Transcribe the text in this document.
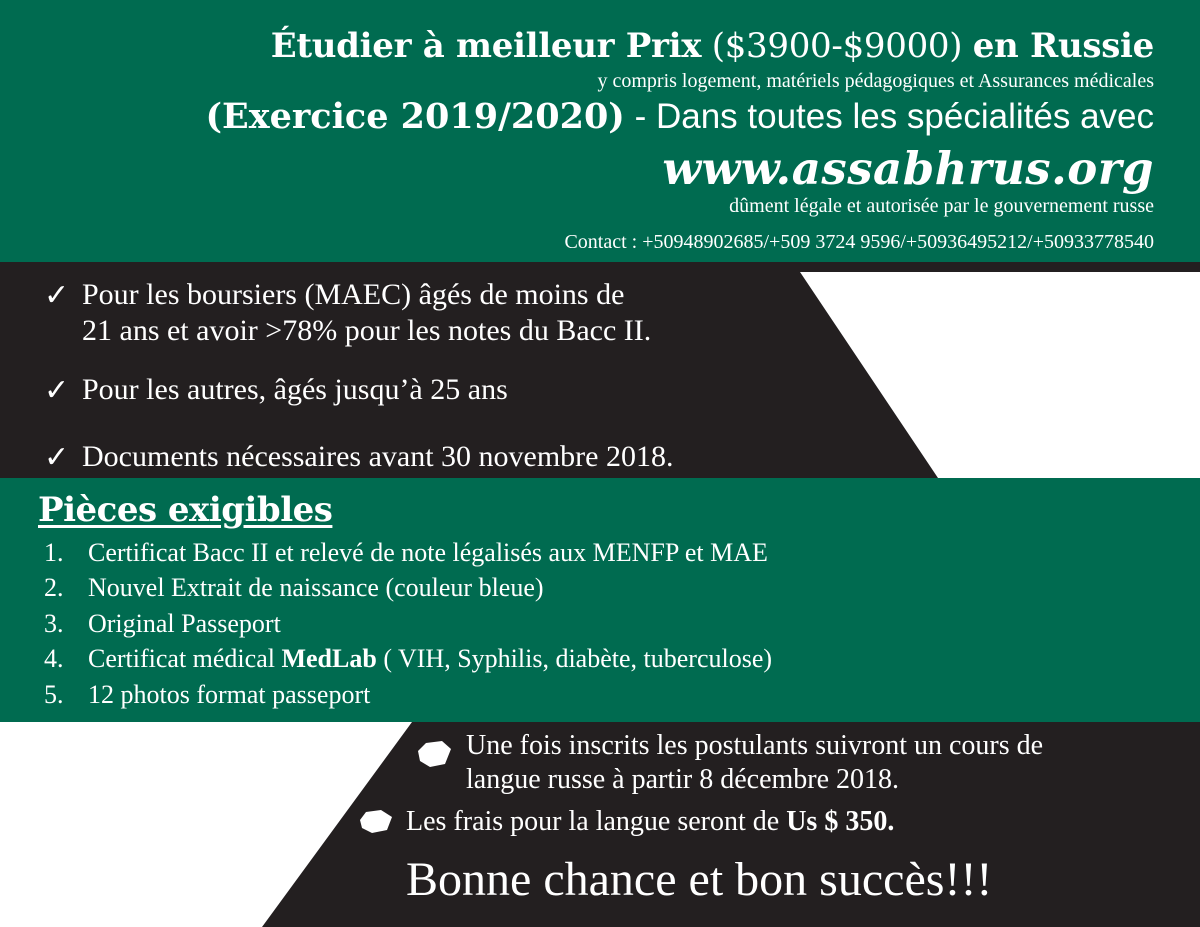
Étudier à meilleur Prix ($3900-$9000) en Russie
y compris logement, matériels pédagogiques et Assurances médicales
(Exercice 2019/2020) - Dans toutes les spécialités avec
www.assabhrus.org
dûment légale et autorisée par le gouvernement russe
Contact : +50948902685/+509 3724 9596/+50936495212/+50933778540
✓ Pour les boursiers (MAEC) âgés de moins de
21 ans et avoir >78% pour les notes du Bacc II.
✓ Pour les autres, âgés jusqu’à 25 ans
✓ Documents nécessaires avant 30 novembre 2018.
Pièces exigibles
1. Certificat Bacc II et relevé de note légalisés aux MENFP et MAE
2. Nouvel Extrait de naissance (couleur bleue)
3. Original Passeport
4. Certificat médical MedLab ( VIH, Syphilis, diabète, tuberculose)
5. 12 photos format passeport
Une fois inscrits les postulants suivront un cours de
langue russe à partir 8 décembre 2018.
Les frais pour la langue seront de Us $ 350.
Bonne chance et bon succès!!!
